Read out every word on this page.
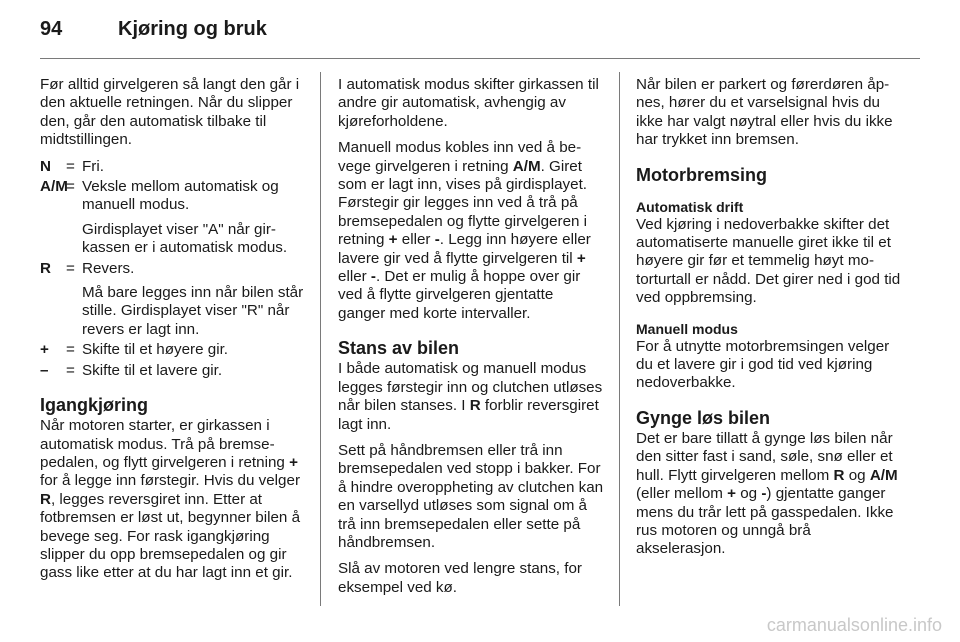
94	Kjøring og bruk

Før alltid girvelgeren så langt den går i den aktuelle retningen. Når du slipper den, går den automatisk tilbake til midtstillingen.

N = Fri.
A/M
= Veksle mellom automatisk og manuell modus.
Girdisplayet viser "A" når girkassen er i automatisk modus.
R = Revers.
Må bare legges inn når bilen står stille. Girdisplayet viser "R" når revers er lagt inn.
+	= Skifte til et høyere gir.
–	= Skifte til et lavere gir.
Igangkjøring

Når motoren starter, er girkassen i automatisk modus. Trå på bremsepedalen, og flytt girvelgeren i retning + for å legge inn førstegir. Hvis du velger R, legges reversgiret inn. Etter at fotbremsen er løst ut, begynner bilen å bevege seg. For rask igangkjøring slipper du opp bremsepedalen og gir gass like etter at du har lagt inn et gir.

I automatisk modus skifter girkassen til andre gir automatisk, avhengig av kjøreforholdene.

Manuell modus kobles inn ved å bevege girvelgeren i retning A/M. Giret som er lagt inn, vises på girdisplayet. Førstegir gir legges inn ved å trå på bremsepedalen og flytte girvelgeren i retning + eller -. Legg inn høyere eller lavere gir ved å flytte girvelgeren til + eller -. Det er mulig å hoppe over gir ved å flytte girvelgeren gjentatte ganger med korte intervaller.

Stans av bilen

I både automatisk og manuell modus legges førstegir inn og clutchen utløses når bilen stanses. I R forblir reversgiret lagt inn.

Sett på håndbremsen eller trå inn bremsepedalen ved stopp i bakker. For å hindre overoppheting av clutchen kan en varsellyd utløses som signal om å trå inn bremsepedalen eller sette på håndbremsen.

Slå av motoren ved lengre stans, for eksempel ved kø.

Når bilen er parkert og førerdøren åpnes, hører du et varselsignal hvis du ikke har valgt nøytral eller hvis du ikke har trykket inn bremsen.

Motorbremsing
Automatisk drift

Ved kjøring i nedoverbakke skifter det automatiserte manuelle giret ikke til et høyere gir før et temmelig høyt motorturtall er nådd. Det girer ned i god tid ved oppbremsing.

Manuell modus

For å utnytte motorbremsingen velger du et lavere gir i god tid ved kjøring nedoverbakke.

Gynge løs bilen

Det er bare tillatt å gynge løs bilen når den sitter fast i sand, søle, snø eller et hull. Flytt girvelgeren mellom R og A/M (eller mellom + og -) gjentatte ganger mens du trår lett på gasspedalen. Ikke rus motoren og unngå brå akselerasjon.

carmanualsonline.info
